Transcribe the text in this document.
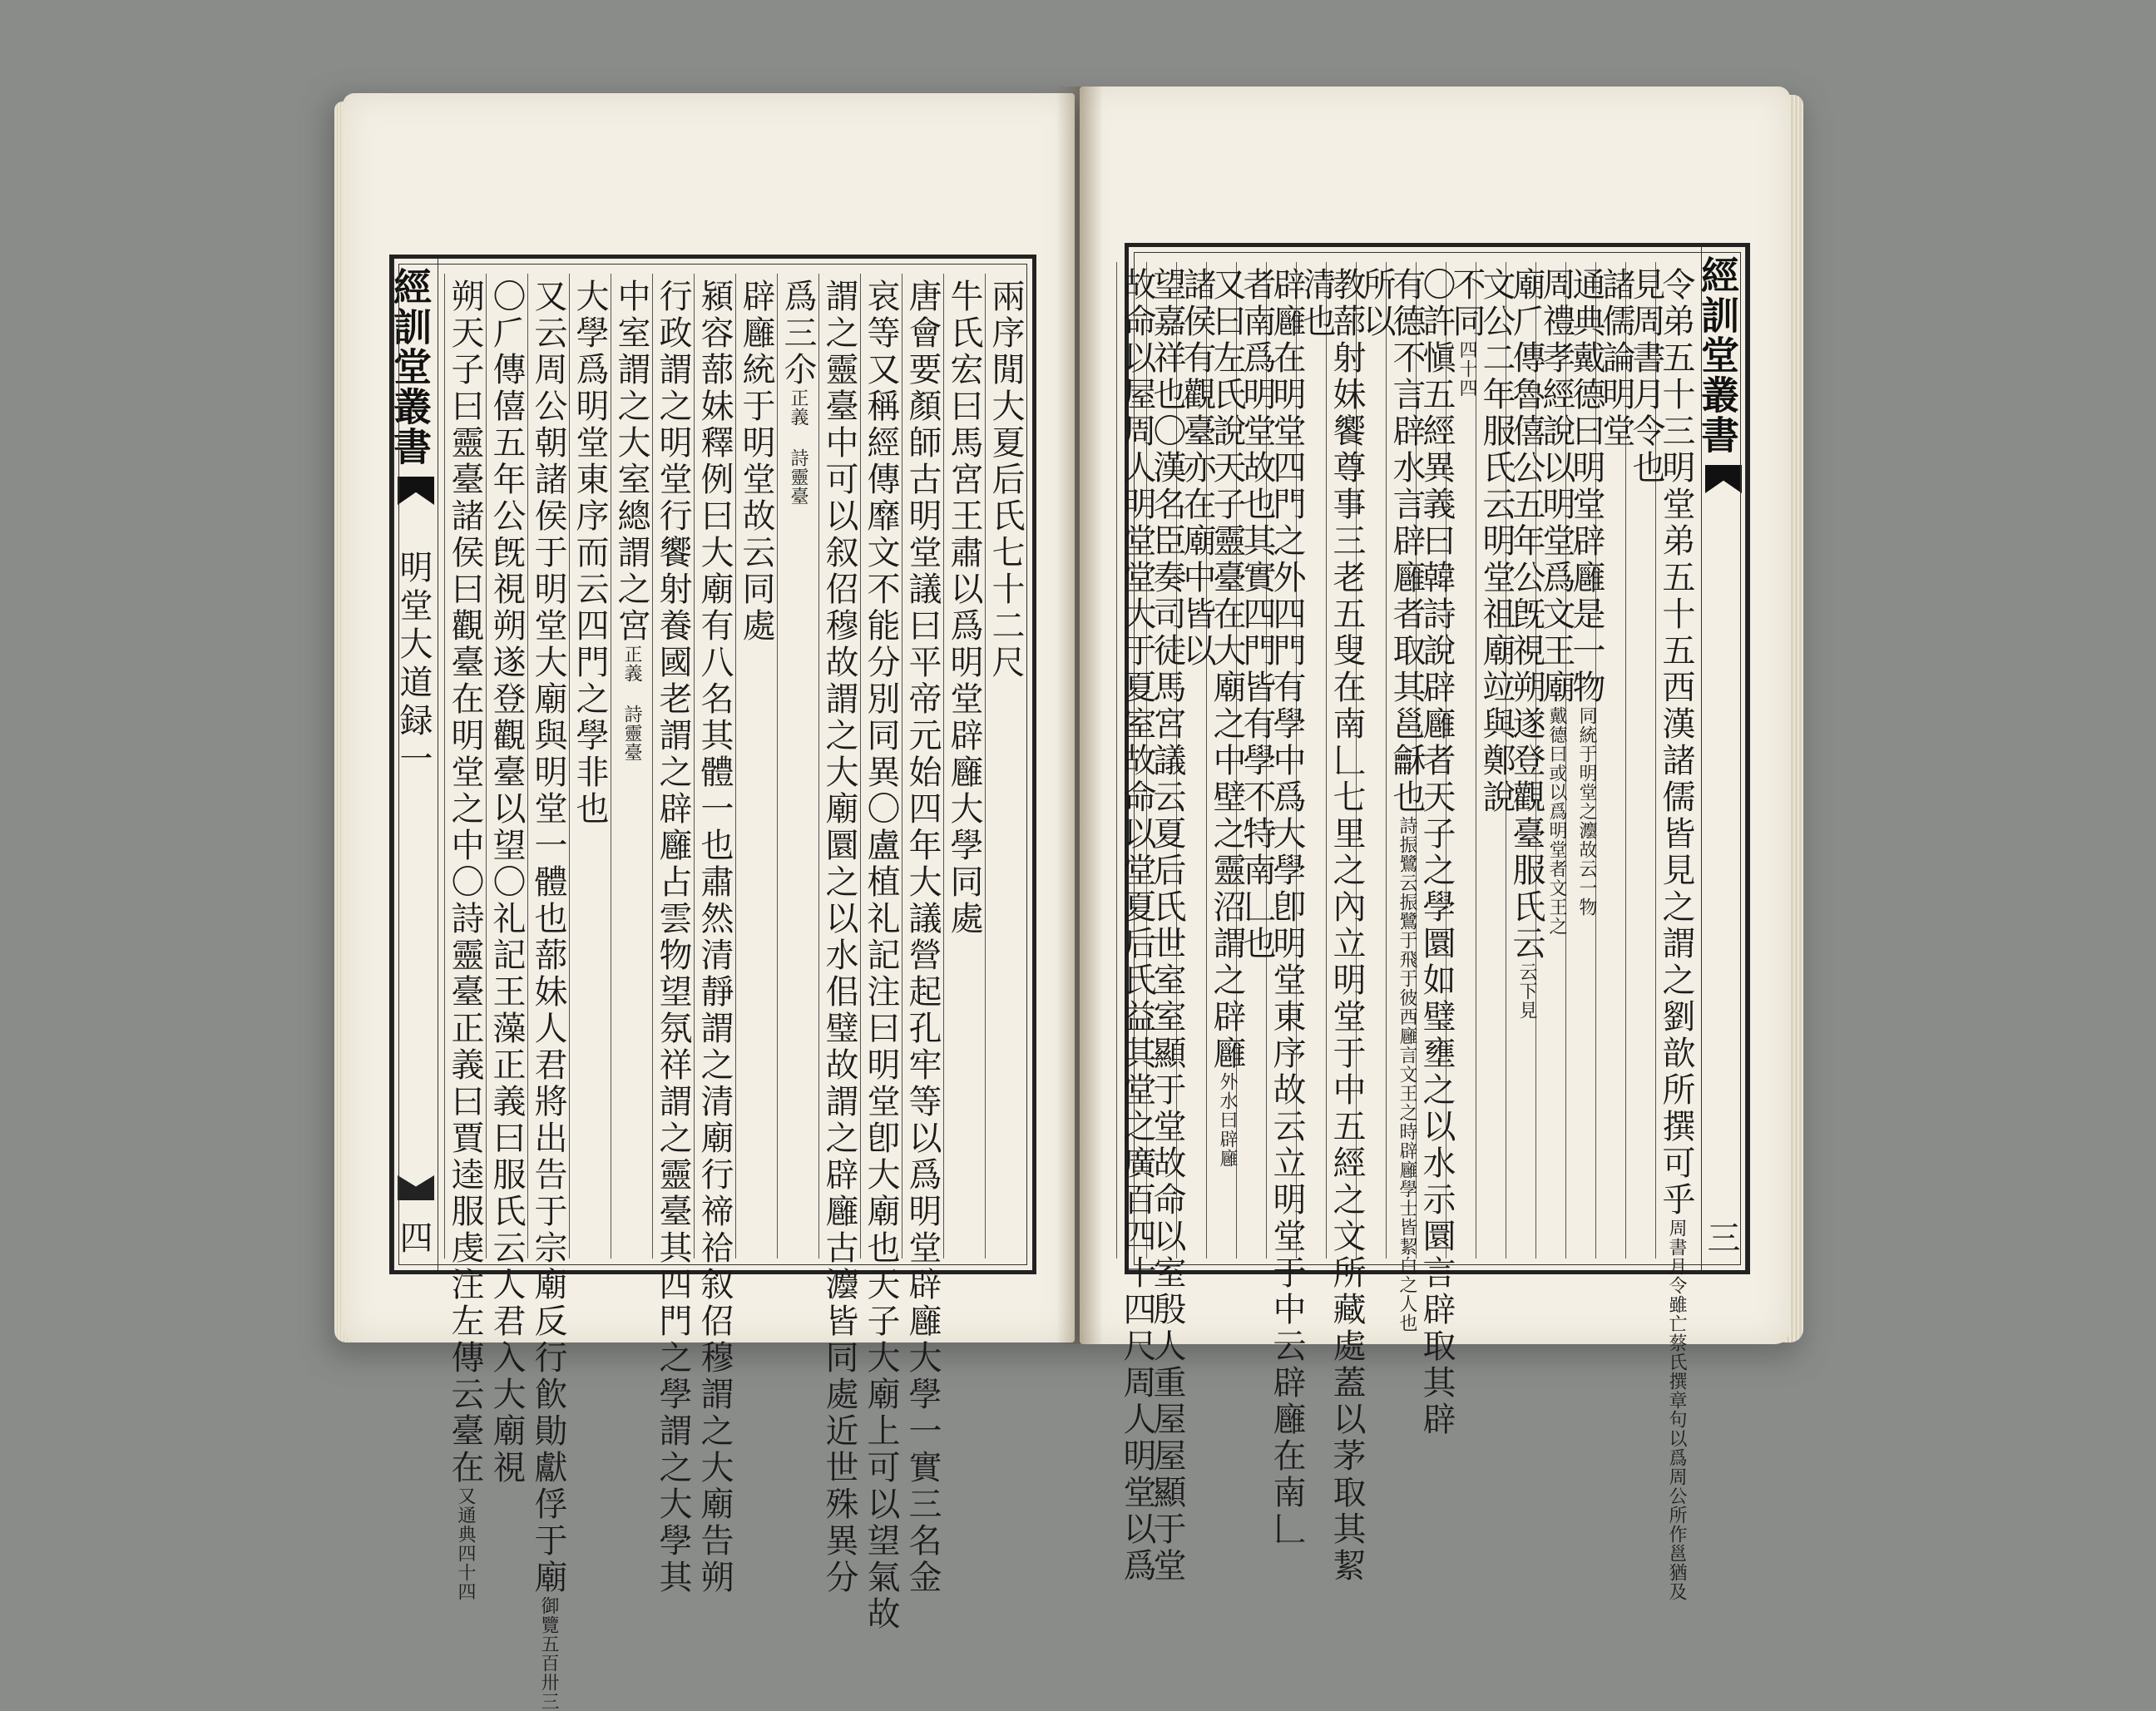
經訓堂叢書
明堂大道録一
四
兩序閒大夏后氏七十二尺
牛氏宏曰馬宮王肅以爲明堂辟廱大學同處
唐會要顏師古明堂議曰平帝元始四年大議營起孔牢等以爲明堂辟廱大學一實三名金
哀等又稱經傳靡文不能分別同異〇盧植礼記注曰明堂卽大廟也天子大廟上可以望氣故
謂之靈臺中可以叙佋穆故謂之大廟圜之以水佀璧故謂之辟廱古灋皆同處近世殊異分
爲三尒正義 詩靈臺
辟廱統于明堂故云同處
潁容蔀妹釋例曰大廟有八名其體一也肅然清靜謂之清廟行禘祫叙佋穆謂之大廟告朔
行政謂之明堂行饗射養國老謂之辟廱占雲物望氛祥謂之靈臺其四門之學謂之大學其
中室謂之大室總謂之宮正義 詩靈臺
大學爲明堂東序而云四門之學非也
又云周公朝諸侯于明堂大廟與明堂一體也蔀妹人君將出告于宗廟反行飮勛獻俘于廟御覽五百卅三
〇𠂆傳僖五年公旣視朔遂登觀臺以望〇礼記王藻正義曰服氏云人君入大廟視
朔天子曰靈臺諸侯曰觀臺在明堂之中〇詩靈臺正義曰賈逵服虔注左傳云臺在又通典四十四
經訓堂叢書
三
令弟五十三明堂弟五十五西漢諸儒皆見之謂之劉歆所撰可乎周書月令雖亡蔡氏撰章句以爲周公所作邕猶及
見周書月令也
諸儒論明堂
通典戴德曰明堂辟廱是一物同統于明堂之灋故云一物
周禮孝經說以明堂爲文王廟戴德曰或以爲明堂者文王之
廟𠂆傳魯僖公五年公旣視朔遂登觀臺服氏云云下見
文公二年服氏云明堂祖廟竝與鄭說
不同四十四
〇許愼五經異義曰韓詩說辟廱者天子之學圜如璧壅之以水示圜言辟取其辟
有德不言辟水言辟廱者取其邕龢也詩振鷺云振鷺于飛于彼西廱言文王之時辟廱學士皆絜白之人也
所以
教蔀射妹饗尊事三老五叟在南𠃊七里之內立明堂于中五經之文所藏處蓋以茅取其絜
清也
辟廱在明堂四門之外四門有學中爲大學卽明堂東序故云立明堂于中云辟廱在南𠃊
者南爲明堂故也其實四門皆有學不特南𠃊也
又曰左氏說天子靈臺在大廟之中壁之靈沼謂之辟廱外水曰辟廱
諸侯有觀臺亦在廟中皆以
望嘉祥也〇漢名臣奏司徒馬宮議云夏后氏世室室顯于堂故命以室殷人重屋屋顯于堂
故命以屋周人明堂堂大于夏室故命以堂夏后氏益其堂之廣百四十四尺周人明堂以爲
